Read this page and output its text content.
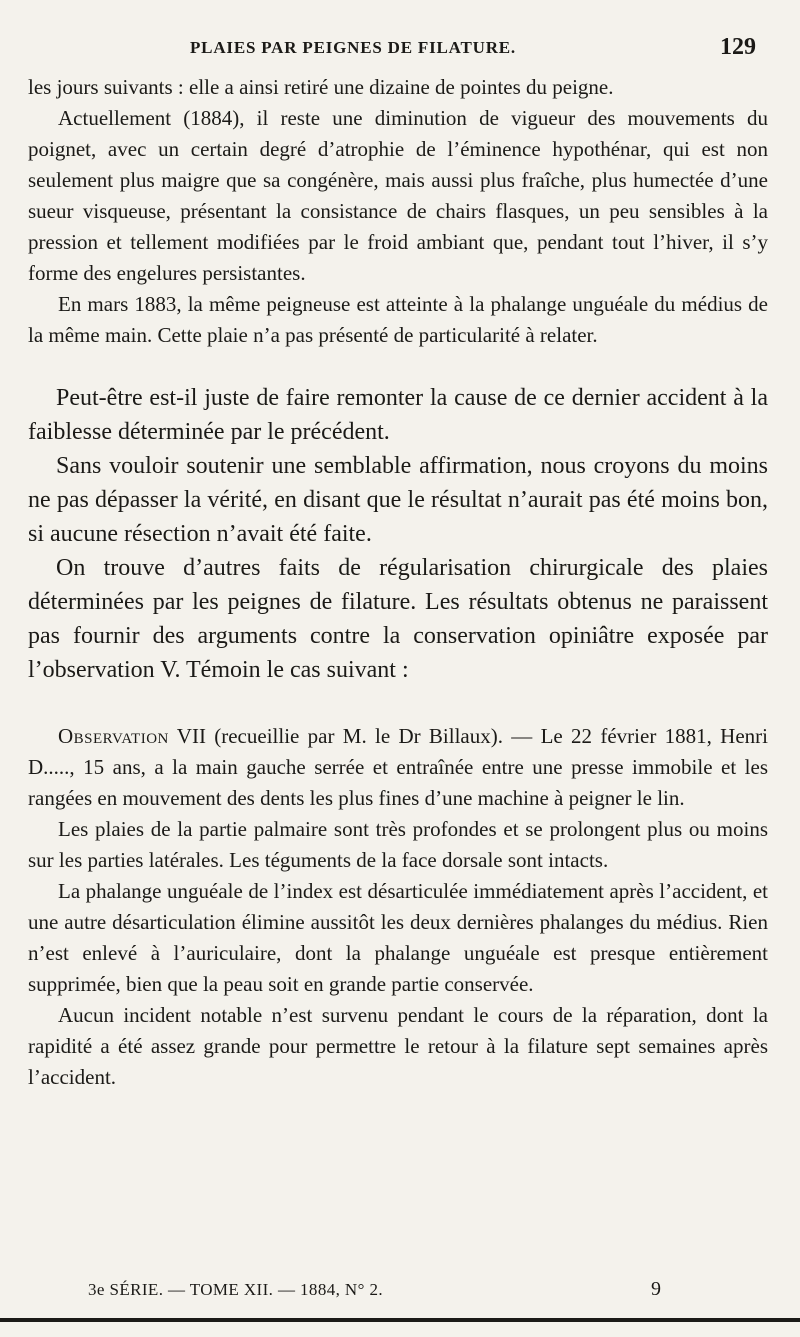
PLAIES PAR PEIGNES DE FILATURE.	129

les jours suivants : elle a ainsi retiré une dizaine de pointes du peigne.

Actuellement (1884), il reste une diminution de vigueur des mouvements du poignet, avec un certain degré d’atrophie de l’éminence hypothénar, qui est non seulement plus maigre que sa congénère, mais aussi plus fraîche, plus humectée d’une sueur visqueuse, présentant la consistance de chairs flasques, un peu sensibles à la pression et tellement modifiées par le froid ambiant que, pendant tout l’hiver, il s’y forme des engelures persistantes.

En mars 1883, la même peigneuse est atteinte à la phalange unguéale du médius de la même main. Cette plaie n’a pas présenté de particularité à relater.

Peut-être est-il juste de faire remonter la cause de ce dernier accident à la faiblesse déterminée par le précédent.

Sans vouloir soutenir une semblable affirmation, nous croyons du moins ne pas dépasser la vérité, en disant que le résultat n’aurait pas été moins bon, si aucune résection n’avait été faite.

On trouve d’autres faits de régularisation chirurgicale des plaies déterminées par les peignes de filature. Les résultats obtenus ne paraissent pas fournir des arguments contre la conservation opiniâtre exposée par l’observation V. Témoin le cas suivant :

Observation VII (recueillie par M. le Dr Billaux). — Le 22 février 1881, Henri D....., 15 ans, a la main gauche serrée et entraînée entre une presse immobile et les rangées en mouvement des dents les plus fines d’une machine à peigner le lin.

Les plaies de la partie palmaire sont très profondes et se prolongent plus ou moins sur les parties latérales. Les téguments de la face dorsale sont intacts.

La phalange unguéale de l’index est désarticulée immédiatement après l’accident, et une autre désarticulation élimine aussitôt les deux dernières phalanges du médius. Rien n’est enlevé à l’auriculaire, dont la phalange unguéale est presque entièrement supprimée, bien que la peau soit en grande partie conservée.

Aucun incident notable n’est survenu pendant le cours de la réparation, dont la rapidité a été assez grande pour permettre le retour à la filature sept semaines après l’accident.

3e SÉRIE. — TOME XII. — 1884, N° 2.	9
